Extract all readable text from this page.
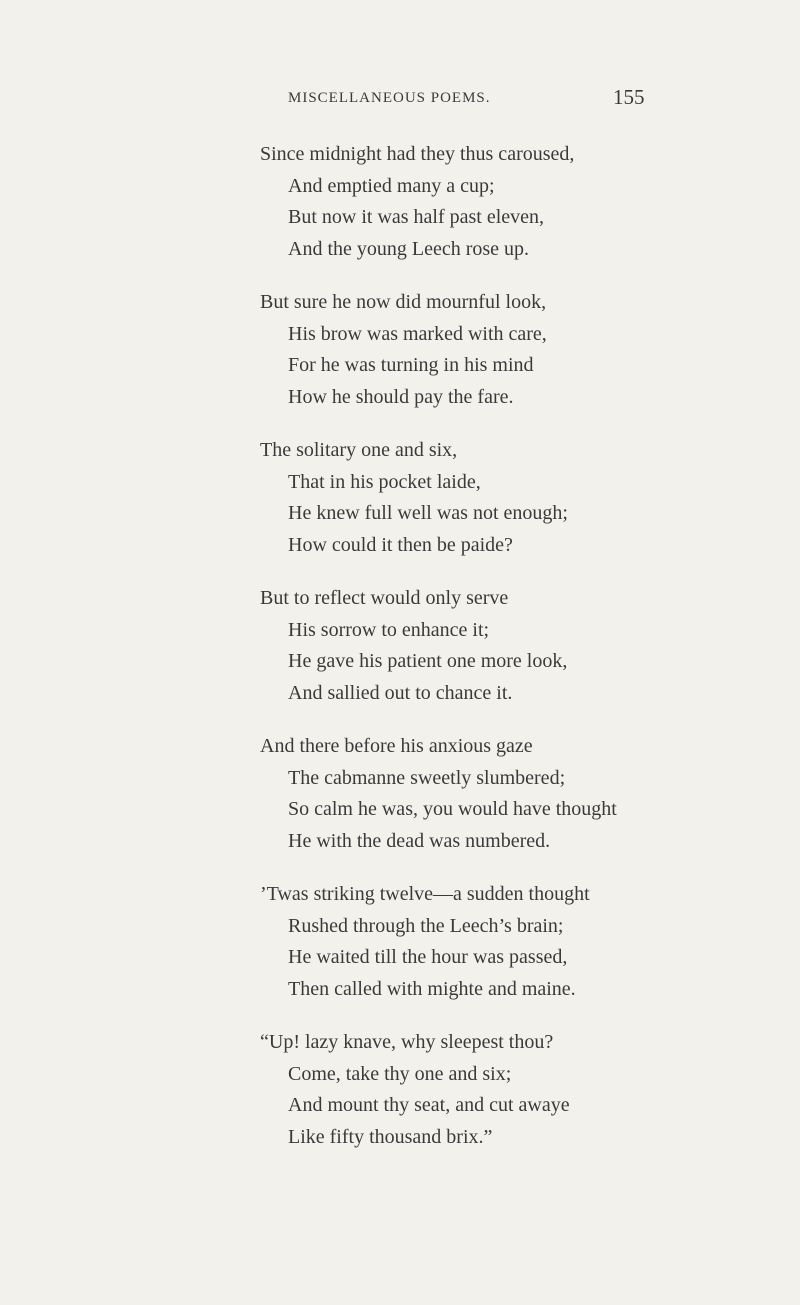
MISCELLANEOUS POEMS.	155
Since midnight had they thus caroused,
And emptied many a cup;
But now it was half past eleven,
And the young Leech rose up.
But sure he now did mournful look,
His brow was marked with care,
For he was turning in his mind
How he should pay the fare.
The solitary one and six,
That in his pocket laide,
He knew full well was not enough;
How could it then be paide?
But to reflect would only serve
His sorrow to enhance it;
He gave his patient one more look,
And sallied out to chance it.
And there before his anxious gaze
The cabmanne sweetly slumbered;
So calm he was, you would have thought
He with the dead was numbered.
’Twas striking twelve—a sudden thought
Rushed through the Leech’s brain;
He waited till the hour was passed,
Then called with mighte and maine.
“Up! lazy knave, why sleepest thou?
Come, take thy one and six;
And mount thy seat, and cut awaye
Like fifty thousand brix.”
